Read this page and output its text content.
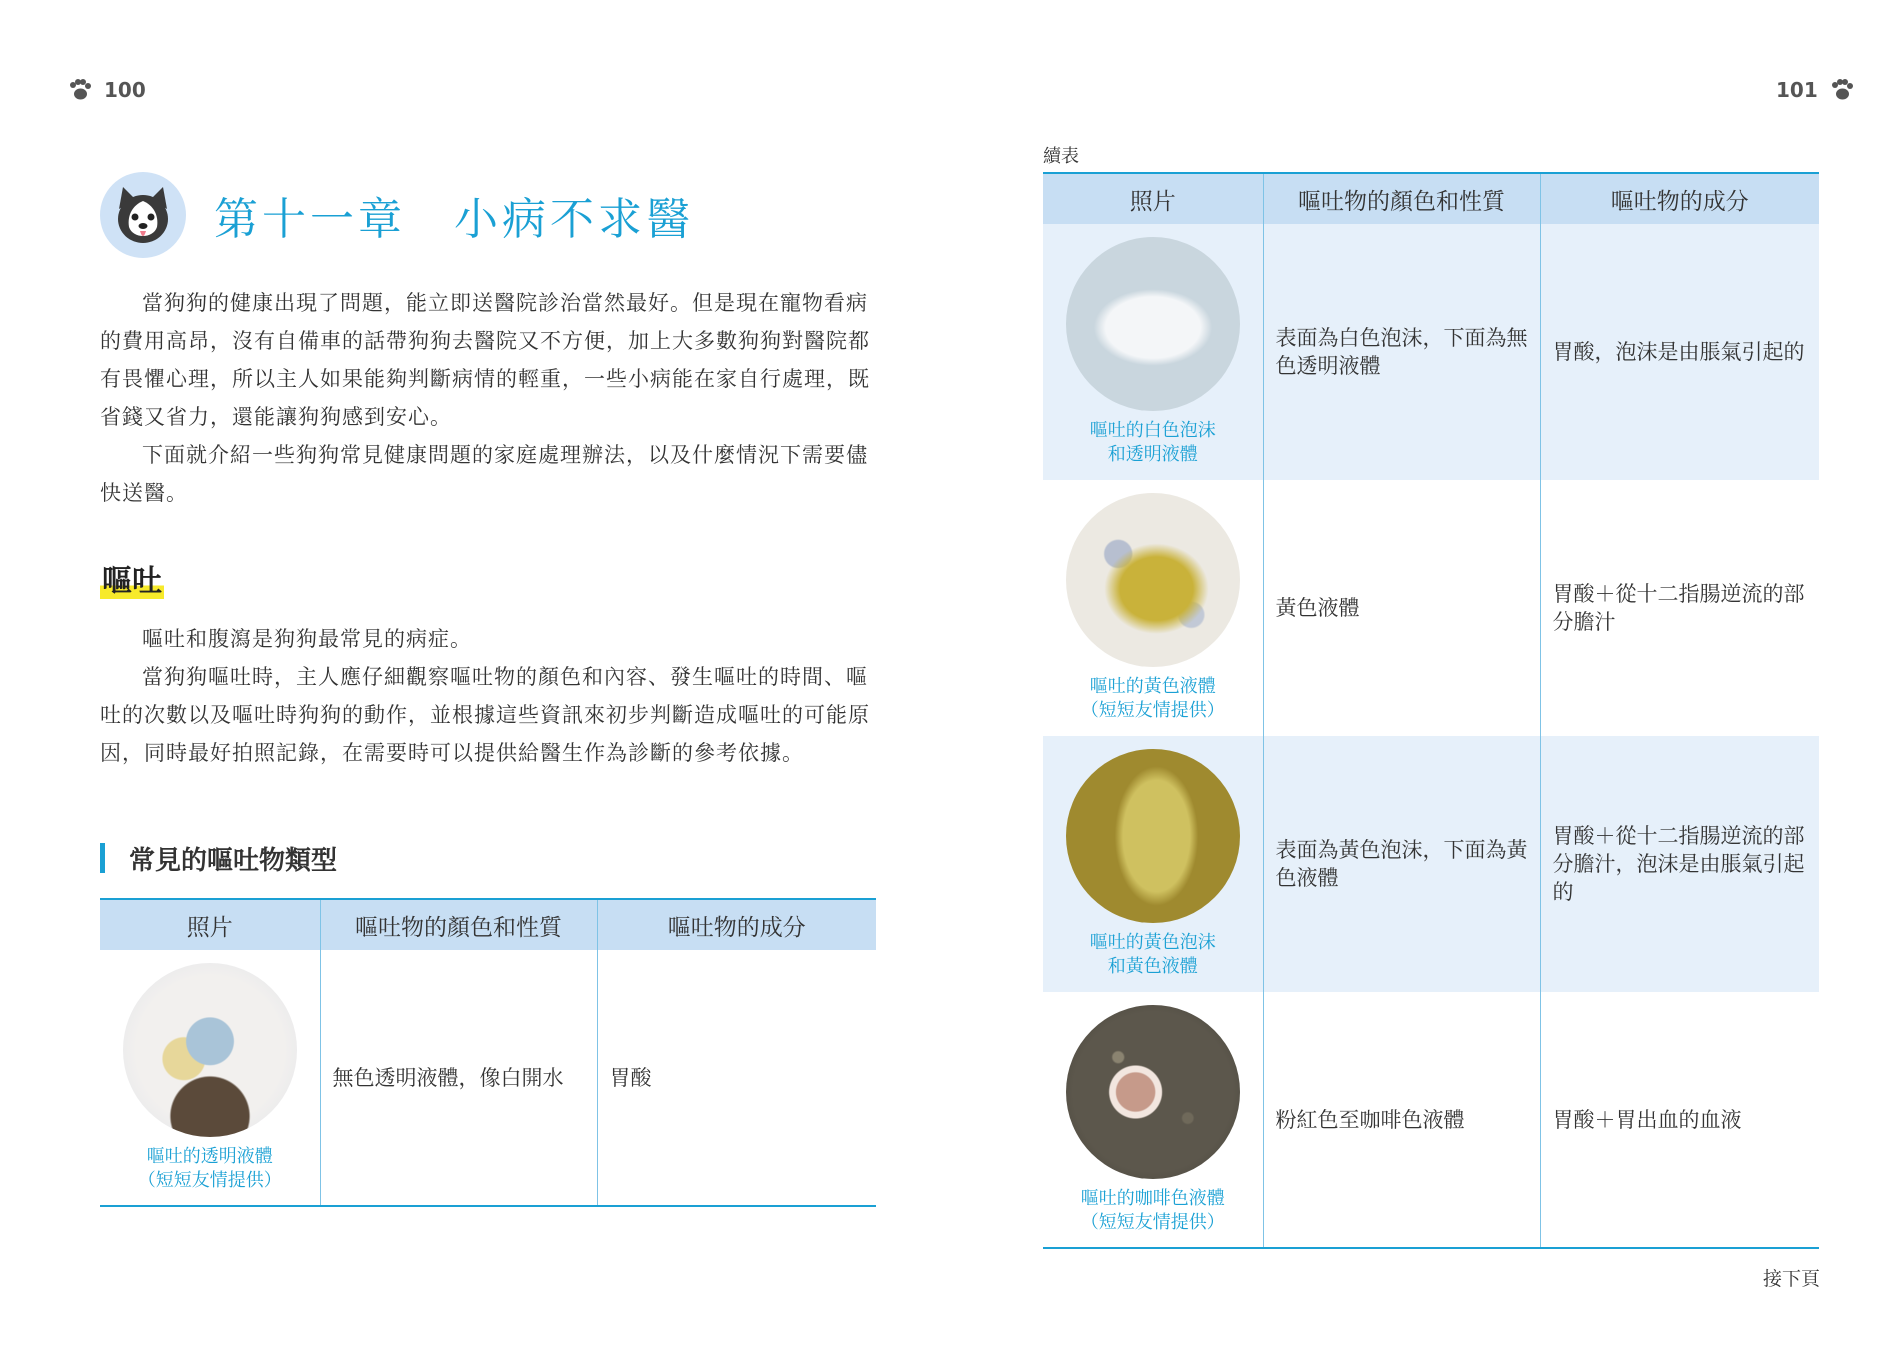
100
第十一章　小病不求醫

當狗狗的健康出現了問題，能立即送醫院診治當然最好。但是現在寵物看病的費用高昂，沒有自備車的話帶狗狗去醫院又不方便，加上大多數狗狗對醫院都有畏懼心理，所以主人如果能夠判斷病情的輕重，一些小病能在家自行處理，既省錢又省力，還能讓狗狗感到安心。

下面就介紹一些狗狗常見健康問題的家庭處理辦法，以及什麼情況下需要儘快送醫。

嘔吐

嘔吐和腹瀉是狗狗最常見的病症。

當狗狗嘔吐時，主人應仔細觀察嘔吐物的顏色和內容、發生嘔吐的時間、嘔吐的次數以及嘔吐時狗狗的動作，並根據這些資訊來初步判斷造成嘔吐的可能原因，同時最好拍照記錄，在需要時可以提供給醫生作為診斷的參考依據。

常見的嘔吐物類型
照片	嘔吐物的顏色和性質	嘔吐物的成分

嘔吐的透明液體
（短短友情提供）	無色透明液體，像白開水	胃酸
101
續表
照片	嘔吐物的顏色和性質	嘔吐物的成分

嘔吐的白色泡沫
和透明液體	表面為白色泡沫，下面為無色透明液體	胃酸，泡沫是由脹氣引起的

嘔吐的黃色液體
（短短友情提供）	黃色液體	胃酸＋從十二指腸逆流的部分膽汁

嘔吐的黃色泡沫
和黃色液體	表面為黃色泡沫，下面為黃色液體	胃酸＋從十二指腸逆流的部分膽汁，泡沫是由脹氣引起的

嘔吐的咖啡色液體
（短短友情提供）	粉紅色至咖啡色液體	胃酸＋胃出血的血液
接下頁
